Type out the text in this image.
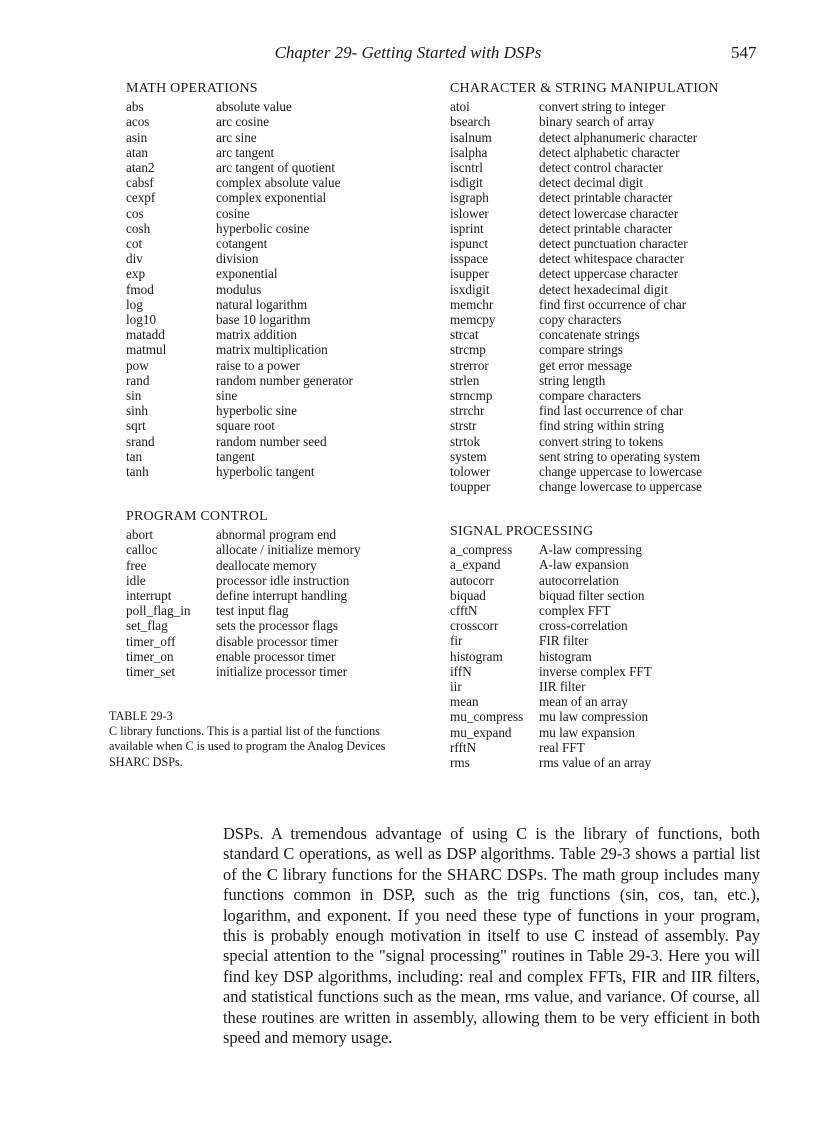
Chapter 29- Getting Started with DSPs	547
MATH OPERATIONS
abs	absolute value
acos	arc cosine
asin	arc sine
atan	arc tangent
atan2	arc tangent of quotient
cabsf	complex absolute value
cexpf	complex exponential
cos	cosine
cosh	hyperbolic cosine
cot	cotangent
div	division
exp	exponential
fmod	modulus
log	natural logarithm
log10	base 10 logarithm
matadd	matrix addition
matmul	matrix multiplication
pow	raise to a power
rand	random number generator
sin	sine
sinh	hyperbolic sine
sqrt	square root
srand	random number seed
tan	tangent
tanh	hyperbolic tangent
CHARACTER & STRING MANIPULATION
atoi	convert string to integer
bsearch	binary search of array
isalnum	detect alphanumeric character
isalpha	detect alphabetic character
iscntrl	detect control character
isdigit	detect decimal digit
isgraph	detect printable character
islower	detect lowercase character
isprint	detect printable character
ispunct	detect punctuation character
isspace	detect whitespace character
isupper	detect uppercase character
isxdigit	detect hexadecimal digit
memchr	find first occurrence of char
memcpy	copy characters
strcat	concatenate strings
strcmp	compare strings
strerror	get error message
strlen	string length
strncmp	compare characters
strrchr	find last occurrence of char
strstr	find string within string
strtok	convert string to tokens
system	sent string to operating system
tolower	change uppercase to lowercase
toupper	change lowercase to uppercase
PROGRAM CONTROL
abort	abnormal program end
calloc	allocate / initialize memory
free	deallocate memory
idle	processor idle instruction
interrupt	define interrupt handling
poll_flag_in	test input flag
set_flag	sets the processor flags
timer_off	disable processor timer
timer_on	enable processor timer
timer_set	initialize processor timer
SIGNAL PROCESSING
a_compress	A-law compressing
a_expand	A-law expansion
autocorr	autocorrelation
biquad	biquad filter section
cfftN	complex FFT
crosscorr	cross-correlation
fir	FIR filter
histogram	histogram
iffN	inverse complex FFT
iir	IIR filter
mean	mean of an array
mu_compress	mu law compression
mu_expand	mu law expansion
rfftN	real FFT
rms	rms value of an array
TABLE 29-3
C library functions. This is a partial list of the functions available when C is used to program the Analog Devices SHARC DSPs.
DSPs. A tremendous advantage of using C is the library of functions, both standard C operations, as well as DSP algorithms. Table 29-3 shows a partial list of the C library functions for the SHARC DSPs. The math group includes many functions common in DSP, such as the trig functions (sin, cos, tan, etc.), logarithm, and exponent. If you need these type of functions in your program, this is probably enough motivation in itself to use C instead of assembly. Pay special attention to the "signal processing" routines in Table 29-3. Here you will find key DSP algorithms, including: real and complex FFTs, FIR and IIR filters, and statistical functions such as the mean, rms value, and variance. Of course, all these routines are written in assembly, allowing them to be very efficient in both speed and memory usage.
